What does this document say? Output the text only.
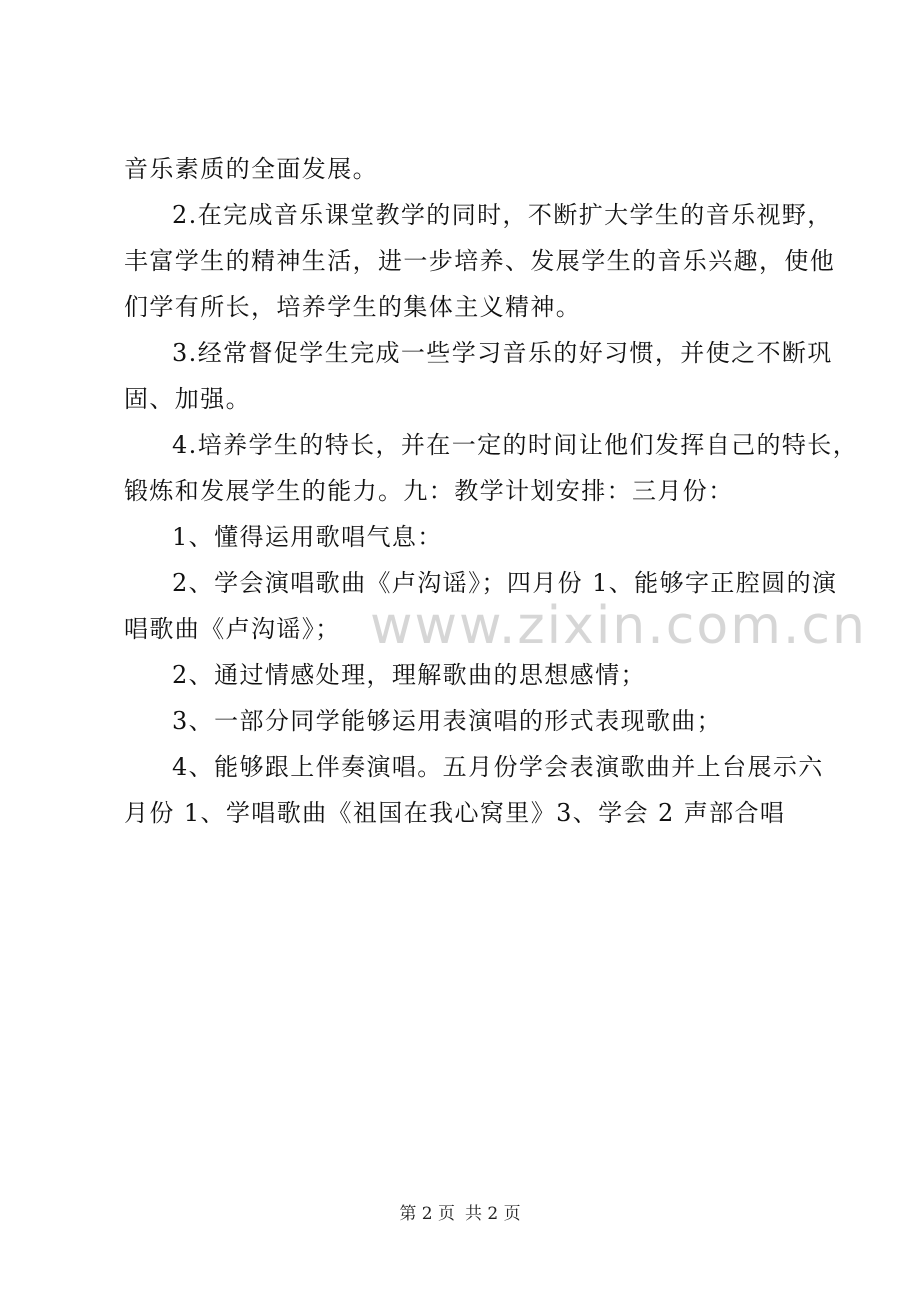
音乐素质的全面发展。
2.在完成音乐课堂教学的同时，不断扩大学生的音乐视野，
丰富学生的精神生活，进一步培养、发展学生的音乐兴趣，使他
们学有所长，培养学生的集体主义精神。
3.经常督促学生完成一些学习音乐的好习惯，并使之不断巩
固、加强。
4.培养学生的特长，并在一定的时间让他们发挥自己的特长，
锻炼和发展学生的能力。九：教学计划安排：三月份：
1、懂得运用歌唱气息：
2、学会演唱歌曲《卢沟谣》；四月份 1、能够字正腔圆的演
唱歌曲《卢沟谣》；
2、通过情感处理，理解歌曲的思想感情；
3、一部分同学能够运用表演唱的形式表现歌曲；
4、能够跟上伴奏演唱。五月份学会表演歌曲并上台展示六
月份 1、学唱歌曲《祖国在我心窝里》3、学会 2 声部合唱
www.zixin.com.cn
第 2 页 共 2 页
